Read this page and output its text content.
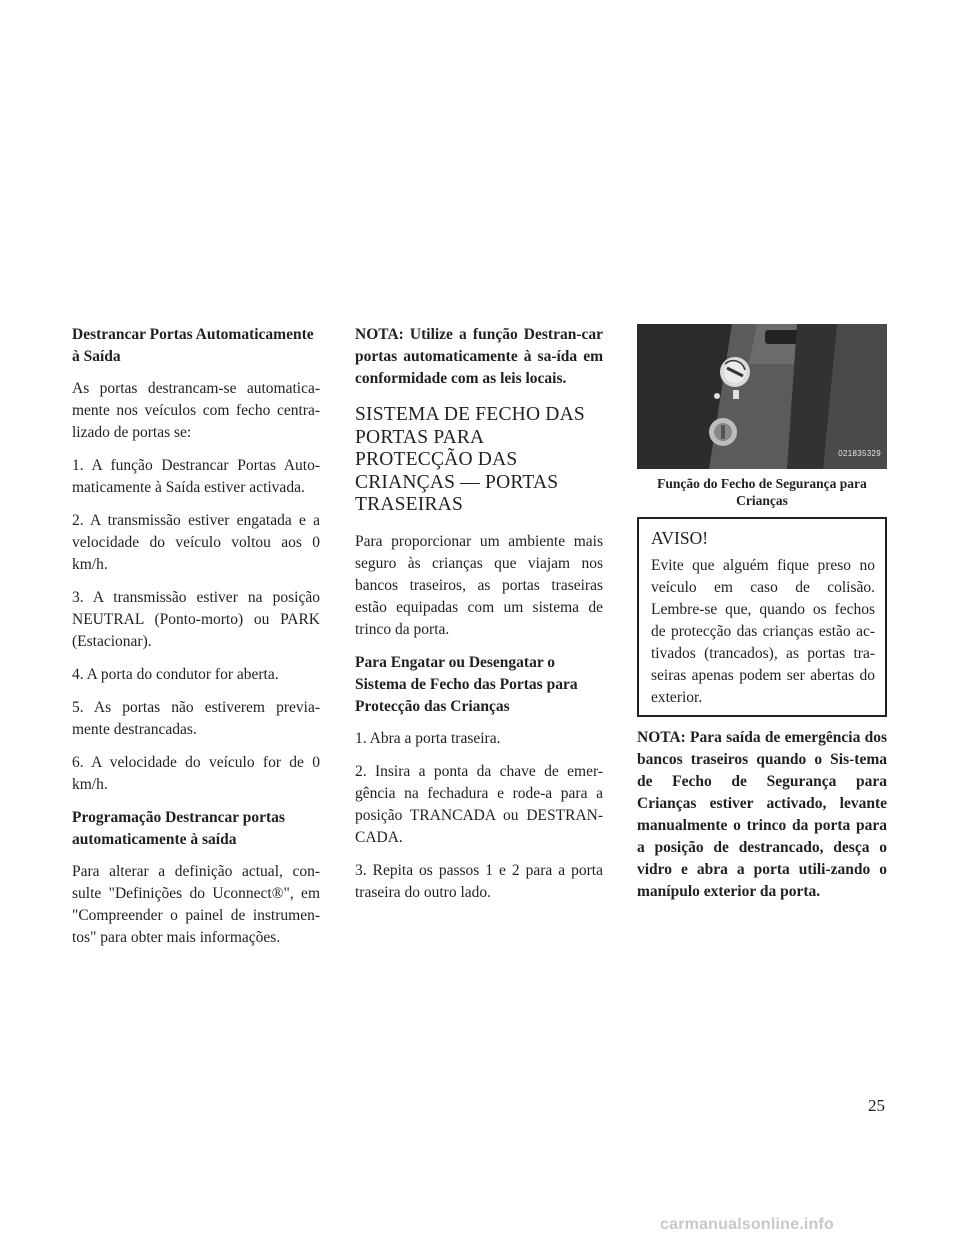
Destrancar Portas Automaticamente à Saída

As portas destrancam-se automatica-mente nos veículos com fecho centra-lizado de portas se:

1. A função Destrancar Portas Auto-maticamente à Saída estiver activada.

2. A transmissão estiver engatada e a velocidade do veículo voltou aos 0 km/h.

3. A transmissão estiver na posição NEUTRAL (Ponto-morto) ou PARK (Estacionar).

4. A porta do condutor for aberta.

5. As portas não estiverem previa-mente destrancadas.

6. A velocidade do veículo for de 0 km/h.

Programação Destrancar portas automaticamente à saída

Para alterar a definição actual, con-sulte "Definições do Uconnect®", em "Compreender o painel de instrumen-tos" para obter mais informações.

NOTA: Utilize a função Destran-car portas automaticamente à sa-ída em conformidade com as leis locais.

SISTEMA DE FECHO DAS PORTAS PARA PROTECÇÃO DAS CRIANÇAS — PORTAS TRASEIRAS

Para proporcionar um ambiente mais seguro às crianças que viajam nos bancos traseiros, as portas traseiras estão equipadas com um sistema de trinco da porta.

Para Engatar ou Desengatar o Sistema de Fecho das Portas para Protecção das Crianças

1. Abra a porta traseira.

2. Insira a ponta da chave de emer-gência na fechadura e rode-a para a posição TRANCADA ou DESTRAN-CADA.

3. Repita os passos 1 e 2 para a porta traseira do outro lado.

021835329
Função do Fecho de Segurança para Crianças
AVISO!

Evite que alguém fique preso no veículo em caso de colisão. Lembre-se que, quando os fechos de protecção das crianças estão ac-tivados (trancados), as portas tra-seiras apenas podem ser abertas do exterior.

NOTA: Para saída de emergência dos bancos traseiros quando o Sis-tema de Fecho de Segurança para Crianças estiver activado, levante manualmente o trinco da porta para a posição de destrancado, desça o vidro e abra a porta utili-zando o manípulo exterior da porta.

25
carmanualsonline.info
